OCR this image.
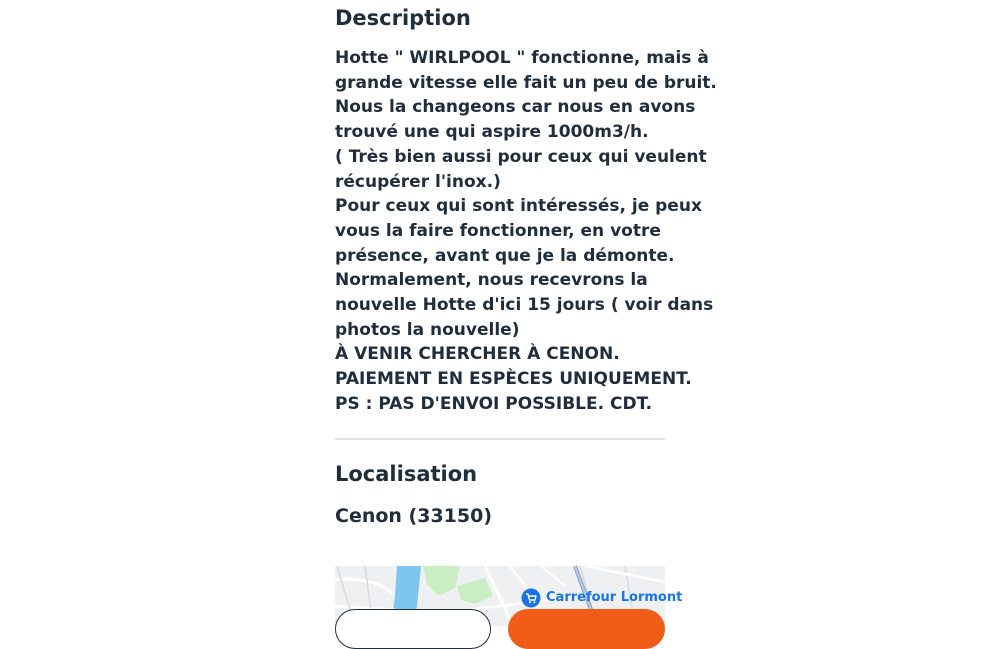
Description
Hotte " WIRLPOOL " fonctionne, mais à
grande vitesse elle fait un peu de bruit.
Nous la changeons car nous en avons
trouvé une qui aspire 1000m3/h.
( Très bien aussi pour ceux qui veulent
récupérer l'inox.)
Pour ceux qui sont intéressés, je peux
vous la faire fonctionner, en votre
présence, avant que je la démonte.
Normalement, nous recevrons la
nouvelle Hotte d'ici 15 jours ( voir dans
photos la nouvelle)
À VENIR CHERCHER À CENON.
PAIEMENT EN ESPÈCES UNIQUEMENT.
PS : PAS D'ENVOI POSSIBLE. CDT.
Localisation
Cenon (33150)
Carrefour Lormont
